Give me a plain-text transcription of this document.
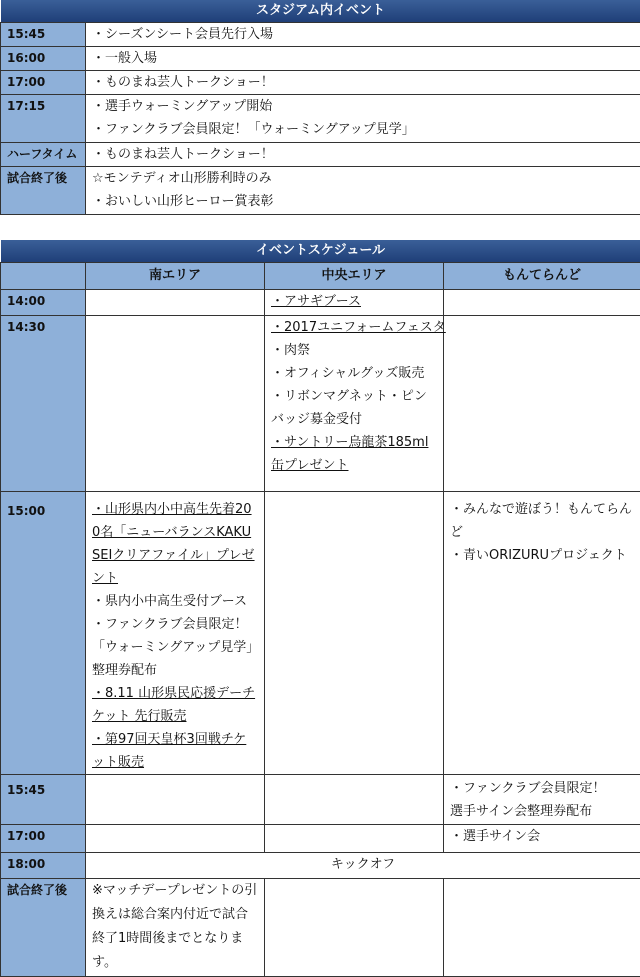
スタジアム内イベント	
15:45	・シーズンシート会員先行入場

16:00	・一般入場

17:00	・ものまね芸人トークショー！

17:15	・選手ウォーミングアップ開始
・ファンクラブ会員限定！「ウォーミングアップ見学」

ハーフタイム	・ものまね芸人トークショー！

試合終了後	☆モンテディオ山形勝利時のみ
・おいしい山形ヒーロー賞表彰
イベントスケジュール			
	南エリア	中央エリア	もんてらんど
14:00		・アサギブース	

14:30		・2017ユニフォームフェスタ
・肉祭
・オフィシャルグッズ販売
・リボンマグネット・ピンバッジ募金受付
・サントリー烏龍茶185ml缶プレゼント	

15:00	・山形県内小中高生先着200名「ニューバランスKAKUSEIクリアファイル」プレゼント
・県内小中高生受付ブース
・ファンクラブ会員限定！「ウォーミングアップ見学」整理券配布
・8.11 山形県民応援デーチケット 先行販売
・第97回天皇杯3回戦チケット販売		・みんなで遊ぼう！もんてらんど
・青いORIZURUプロジェクト

15:45			・ファンクラブ会員限定！
選手サイン会整理券配布

17:00			・選手サイン会

18:00	キックオフ		
試合終了後	※マッチデープレゼントの引換えは総合案内付近で試合終了1時間後までとなります。		
